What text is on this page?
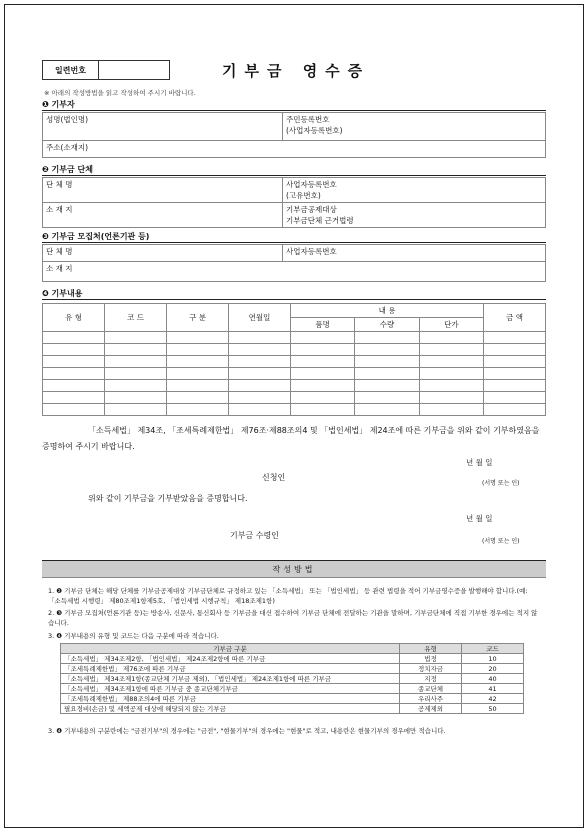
일련번호	기부금 영수증
※ 아래의 작성방법을 읽고 작성하여 주시기 바랍니다.
❶ 기부자
성명(법인명)	주민등록번호
(사업자등록번호)

주소(소재지)
❷ 기부금 단체
단 체 명	사업자등록번호
(고유번호)

소 재 지	기부금공제대상
기부금단체 근거법령
❸ 기부금 모집처(언론기관 등)
단 체 명	사업자등록번호
소 재 지
❹ 기부내용
유 형	코 드	구 분	연월일	내 용			금 액
				품명	수량	단가	

「소득세법」 제34조, 「조세특례제한법」 제76조·제88조의4 및 「법인세법」 제24조에 따른 기부금을 위와 같이 기부하였음을 증명하여 주시기 바랍니다.
년 월 일
신청인
(서명 또는 인)
위와 같이 기부금을 기부받았음을 증명합니다.
년 월 일
기부금 수령인
(서명 또는 인)
작성방법
1. ❷ 기부금 단체는 해당 단체를 기부금공제대상 기부금단체로 규정하고 있는 「소득세법」 또는 「법인세법」 등 관련 법령을 적어 기부금영수증을 발행해야 합니다.(예: 「소득세법 시행령」 제80조제1항제5호, 「법인세법 시행규칙」 제18조제1항)
2. ❸ 기부금 모집처(언론기관 등)는 방송사, 신문사, 통신회사 등 기부금을 대신 접수하여 기부금 단체에 전달하는 기관을 말하며, 기부금단체에 직접 기부한 경우에는 적지 않습니다.
3. ❹ 기부내용의 유형 및 코드는 다음 구분에 따라 적습니다.
기부금 구분	유형	코드
「소득세법」 제34조제2항, 「법인세법」 제24조제2항에 따른 기부금	법정	10
「조세특례제한법」 제76조에 따른 기부금	정치자금	20
「소득세법」 제34조제1항(종교단체 기부금 제외), 「법인세법」 제24조제1항에 따른 기부금	지정	40
「소득세법」 제34조제1항에 따른 기부금 중 종교단체기부금	종교단체	41
「조세특례제한법」 제88조의4에 따른 기부금	우리사주	42
필요경비(손금) 및 세액공제 대상에 해당되지 않는 기부금	공제제외	50
3. ❹ 기부내용의 구분란에는 "금전기부"의 경우에는 "금전", "현물기부"의 경우에는 "현물"로 적고, 내용란은 현물기부의 경우에만 적습니다.
